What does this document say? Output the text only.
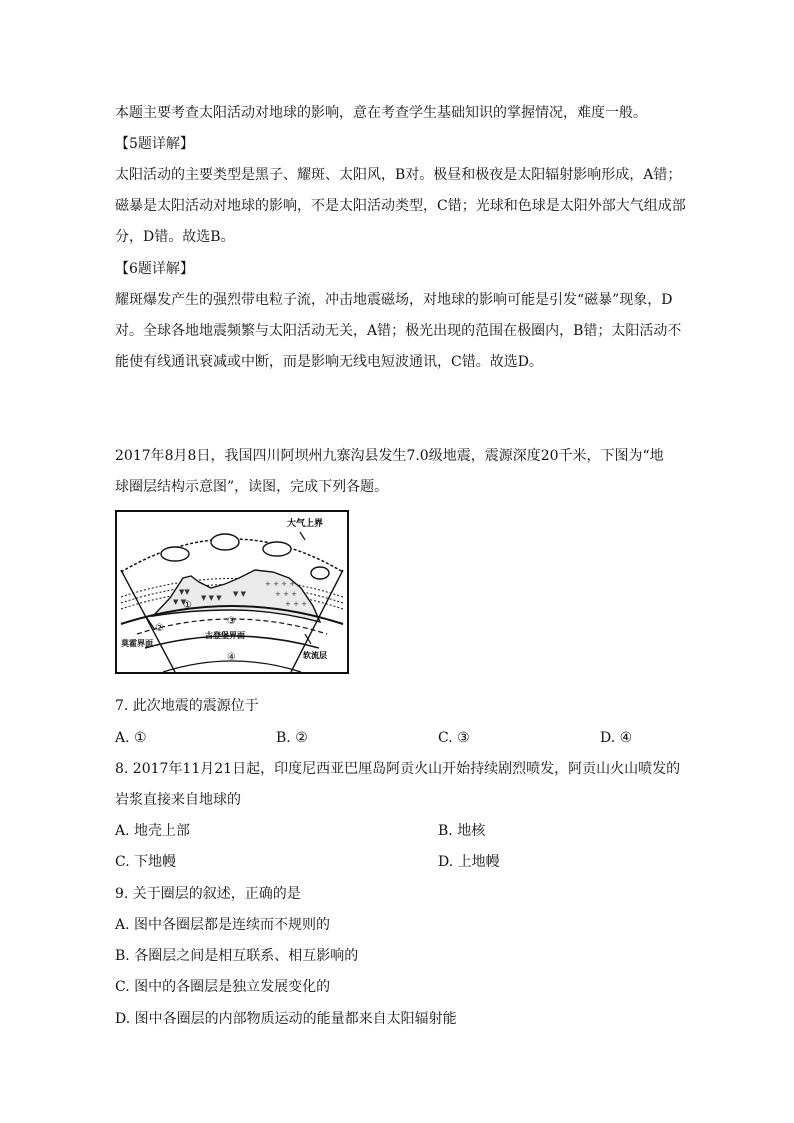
本题主要考查太阳活动对地球的影响，意在考查学生基础知识的掌握情况，难度一般。
【5题详解】
太阳活动的主要类型是黑子、耀斑、太阳风，B对。极昼和极夜是太阳辐射影响形成，A错；
磁暴是太阳活动对地球的影响，不是太阳活动类型，C错；光球和色球是太阳外部大气组成部
分，D错。故选B。
【6题详解】
耀斑爆发产生的强烈带电粒子流，冲击地震磁场，对地球的影响可能是引发“磁暴”现象，D
对。全球各地地震频繁与太阳活动无关，A错；极光出现的范围在极圈内，B错；太阳活动不
能使有线通讯衰减或中断，而是影响无线电短波通讯，C错。故选D。
2017年8月8日，我国四川阿坝州九寨沟县发生7.0级地震，震源深度20千米，下图为“地
球圈层结构示意图”，读图，完成下列各题。
▼ ▼
▼▼
▼ ▼ ▼ ▼ ▼
+ + + +
+ + +
+ + +
大气上界
莫霍界面
古登堡界面
软流层
①
②
③
④
7. 此次地震的震源位于
A. ①	B. ②	C. ③	D. ④
8. 2017年11月21日起，印度尼西亚巴厘岛阿贡火山开始持续剧烈喷发，阿贡山火山喷发的
岩浆直接来自地球的
A. 地壳上部	B. 地核
C. 下地幔	D. 上地幔
9. 关于圈层的叙述，正确的是
A. 图中各圈层都是连续而不规则的
B. 各圈层之间是相互联系、相互影响的
C. 图中的各圈层是独立发展变化的
D. 图中各圈层的内部物质运动的能量都来自太阳辐射能
